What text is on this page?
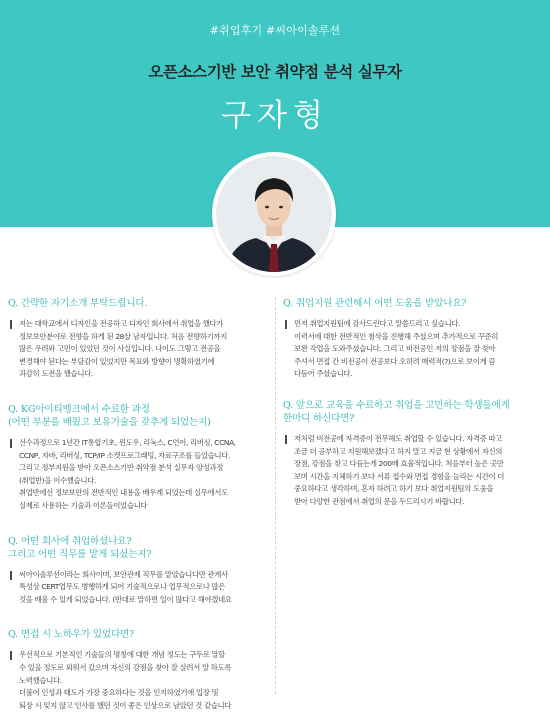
#취업후기 #씨아이솔루션
오픈소스기반 보안 취약점 분석 실무자
구자형
Q. 간략한 자기소개 부탁드립니다.
저는 대학교에서 디자인을 전공하고 디자인 회사에서 취업을 했다가
정보보안분야로 전향을 하게 된 28살 남자입니다. 처음 전향하기까지
많은 우려와 고민이 있었던 것이 사실입니다. 나이도 그렇고 전공을
변경해야 된다는 부담감이 있었지만 목표와 방향이 명확하였기에
과감히 도전을 했습니다.
Q. KG아이티뱅크에서 수료한 과정
(어떤 부분을 배웠고 보유기술을 갖추게 되었는지)
선수과정으로 1년간 IT통합기초, 윈도우, 리눅스, C언어, 리버싱, CCNA,
CCNP, 자바, 리버싱, TCP/IP 소켓프로그래밍, 자료구조를 들었습니다.
그리고 정부지원을 받아 오픈소스기반 취약점 분석 실무자 양성과정
(취업반)을 이수했습니다.
취업반에선 정보보안의 전반적인 내용을 배우게 되었는데 실무에서도
실제로 사용하는 기술과 이론들이었습니다
Q. 어떤 회사에 취업하셨나요?
그리고 어떤 직무를 맡게 되셨는지?
씨아이솔루션이라는 회사이며, 보안관제 직무를 맡았습니다만 관계사
특성상 CERT업무도 병행하게 되어 기술적으로나 업무적으로나 많은
것을 배울 수 있게 되었습니다. (반대로 말하면 일이 많다고 해야겠네요
Q. 면접 시 노하우가 있었다면?
우선적으로 기본적인 기술들의 명칭에 대한 개념 정도는 구두로 말할
수 있을 정도로 외워서 갔으며 자신의 강점을 찾아 잘 살려서 말 하도록
노력했습니다.
더불어 인성과 태도가 가장 중요하다는 것을 인지하였기에 입장 및
퇴장 시 잊지 않고 인사를 했던 것이 좋은 인상으로 남았던 것 같습니다
Q. 취업지원 관련해서 어떤 도움을 받았나요?
먼저 취업지원팀에 감사드린다고 말씀드리고 싶습니다.
이력서에 대한 전반적인 첨삭을 진행해 주셨으며 추가적으로 꾸준히
보완 작업을 도와주셨습니다. 그리고 비전공인 저의 장점을 잘 찾아
주셔서 면접 간 비전공이 전공보다 오히려 매력적(?)으로 보이게 끔
다듬어 주셨습니다.
Q. 앞으로 교육을 수료하고 취업을 고민하는 학생들에게
한마디 하신다면?
저처럼 비전공에 자격증이 전무해도 취업할 수 있습니다. 자격증 따고
조금 더 공부하고 지원해보겠다고 하지 말고 지금 현 상황에서 자신의
장점, 강점을 찾고 다듬는게 200배 효율적입니다. 처음부터 높은 곳만
보며 시간을 지체하기 보다 서류 접수와 면접 경험을 늘리는 시간이 더
중요하다고 생각하며, 혼자 하려고 하기 보다 취업지원팀의 도움을
받아 다양한 관점에서 취업의 문을 두드리시기 바랍니다.
